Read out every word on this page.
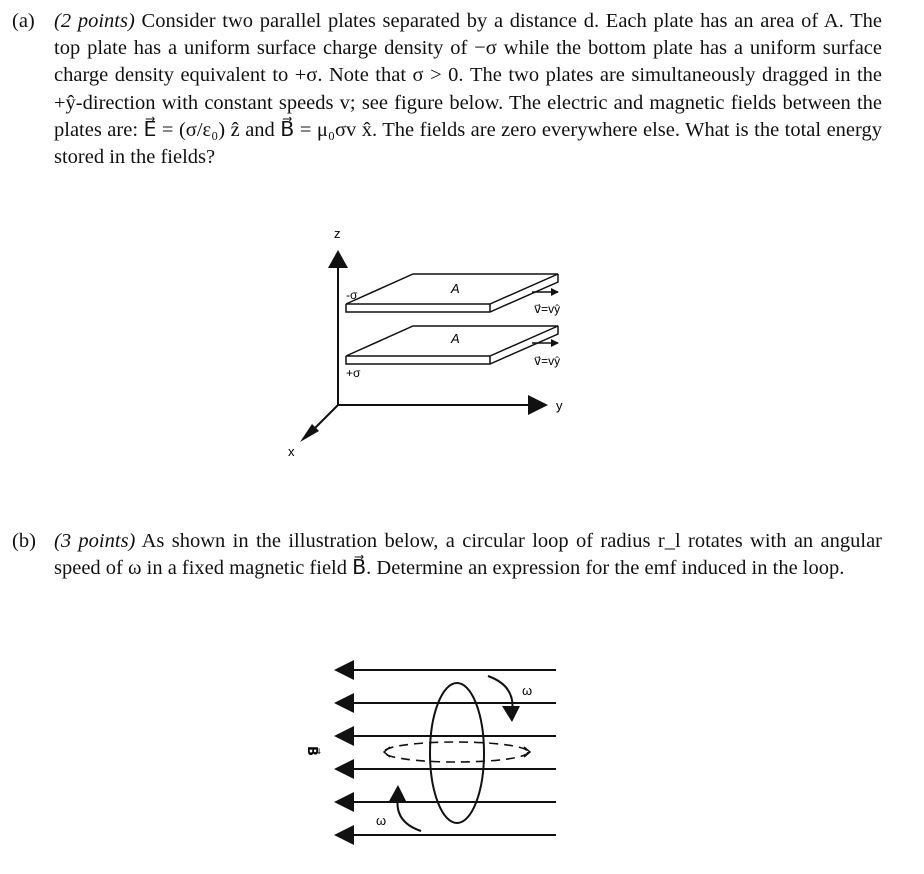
(a) (2 points) Consider two parallel plates separated by a distance d. Each plate has an area of A. The top plate has a uniform surface charge density of −σ while the bottom plate has a uniform surface charge density equivalent to +σ. Note that σ > 0. The two plates are simultaneously dragged in the +ŷ-direction with constant speeds v; see figure below. The electric and magnetic fields between the plates are: E⃗ = (σ/ε₀) ẑ and B⃗ = μ₀σv x̂. The fields are zero everywhere else. What is the total energy stored in the fields?
z
y
x
A
A
-σ
+σ
v⃗=vŷ
v⃗=vŷ
(b) (3 points) As shown in the illustration below, a circular loop of radius r_l rotates with an angular speed of ω in a fixed magnetic field B⃗. Determine an expression for the emf induced in the loop.
ω
ω
B⃗
